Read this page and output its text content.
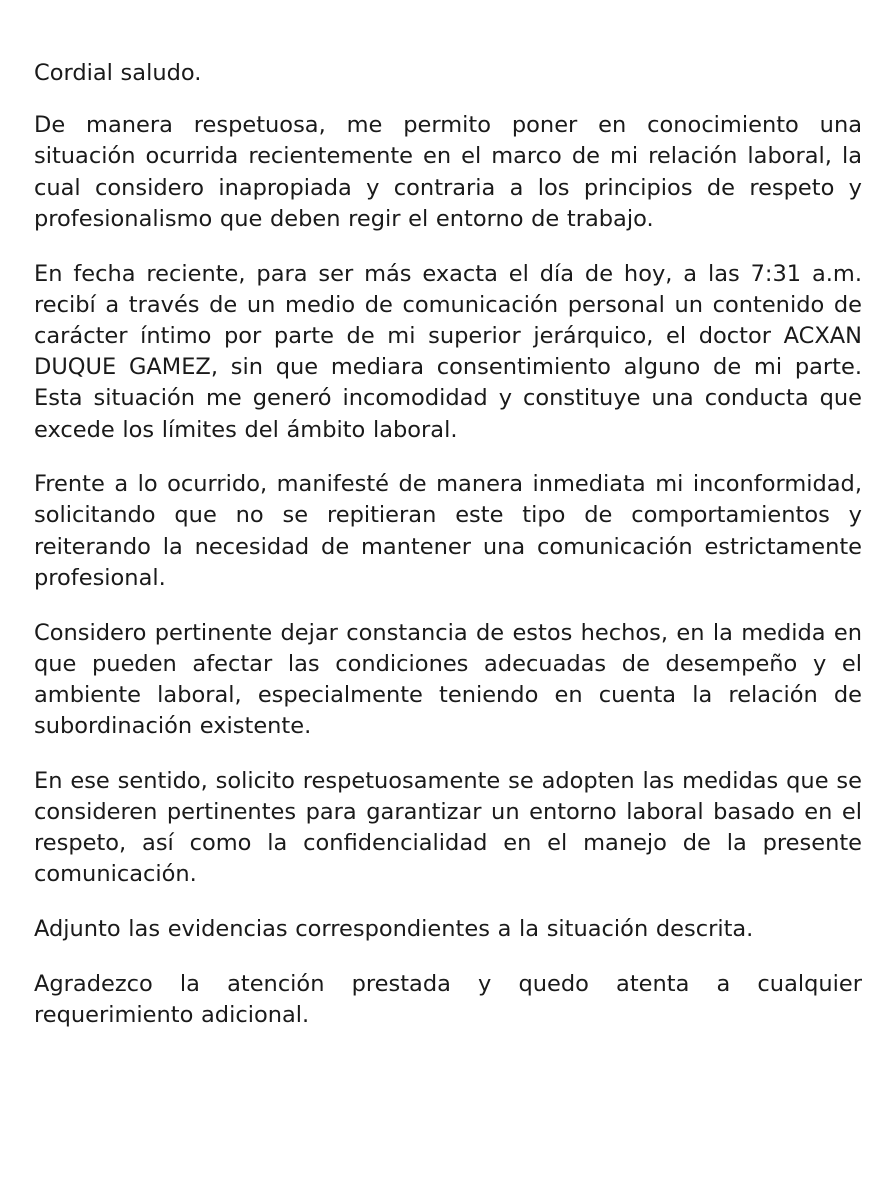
Cordial saludo.

De manera respetuosa, me permito poner en conocimiento una situación ocurrida recientemente en el marco de mi relación laboral, la cual considero inapropiada y contraria a los principios de respeto y profesionalismo que deben regir el entorno de trabajo.

En fecha reciente, para ser más exacta el día de hoy, a las 7:31 a.m. recibí a través de un medio de comunicación personal un contenido de carácter íntimo por parte de mi superior jerárquico, el doctor ACXAN DUQUE GAMEZ, sin que mediara consentimiento alguno de mi parte. Esta situación me generó incomodidad y constituye una conducta que excede los límites del ámbito laboral.

Frente a lo ocurrido, manifesté de manera inmediata mi inconformidad, solicitando que no se repitieran este tipo de comportamientos y reiterando la necesidad de mantener una comunicación estrictamente profesional.

Considero pertinente dejar constancia de estos hechos, en la medida en que pueden afectar las condiciones adecuadas de desempeño y el ambiente laboral, especialmente teniendo en cuenta la relación de subordinación existente.

En ese sentido, solicito respetuosamente se adopten las medidas que se consideren pertinentes para garantizar un entorno laboral basado en el respeto, así como la confidencialidad en el manejo de la presente comunicación.

Adjunto las evidencias correspondientes a la situación descrita.

Agradezco la atención prestada y quedo atenta a cualquier requerimiento adicional.
